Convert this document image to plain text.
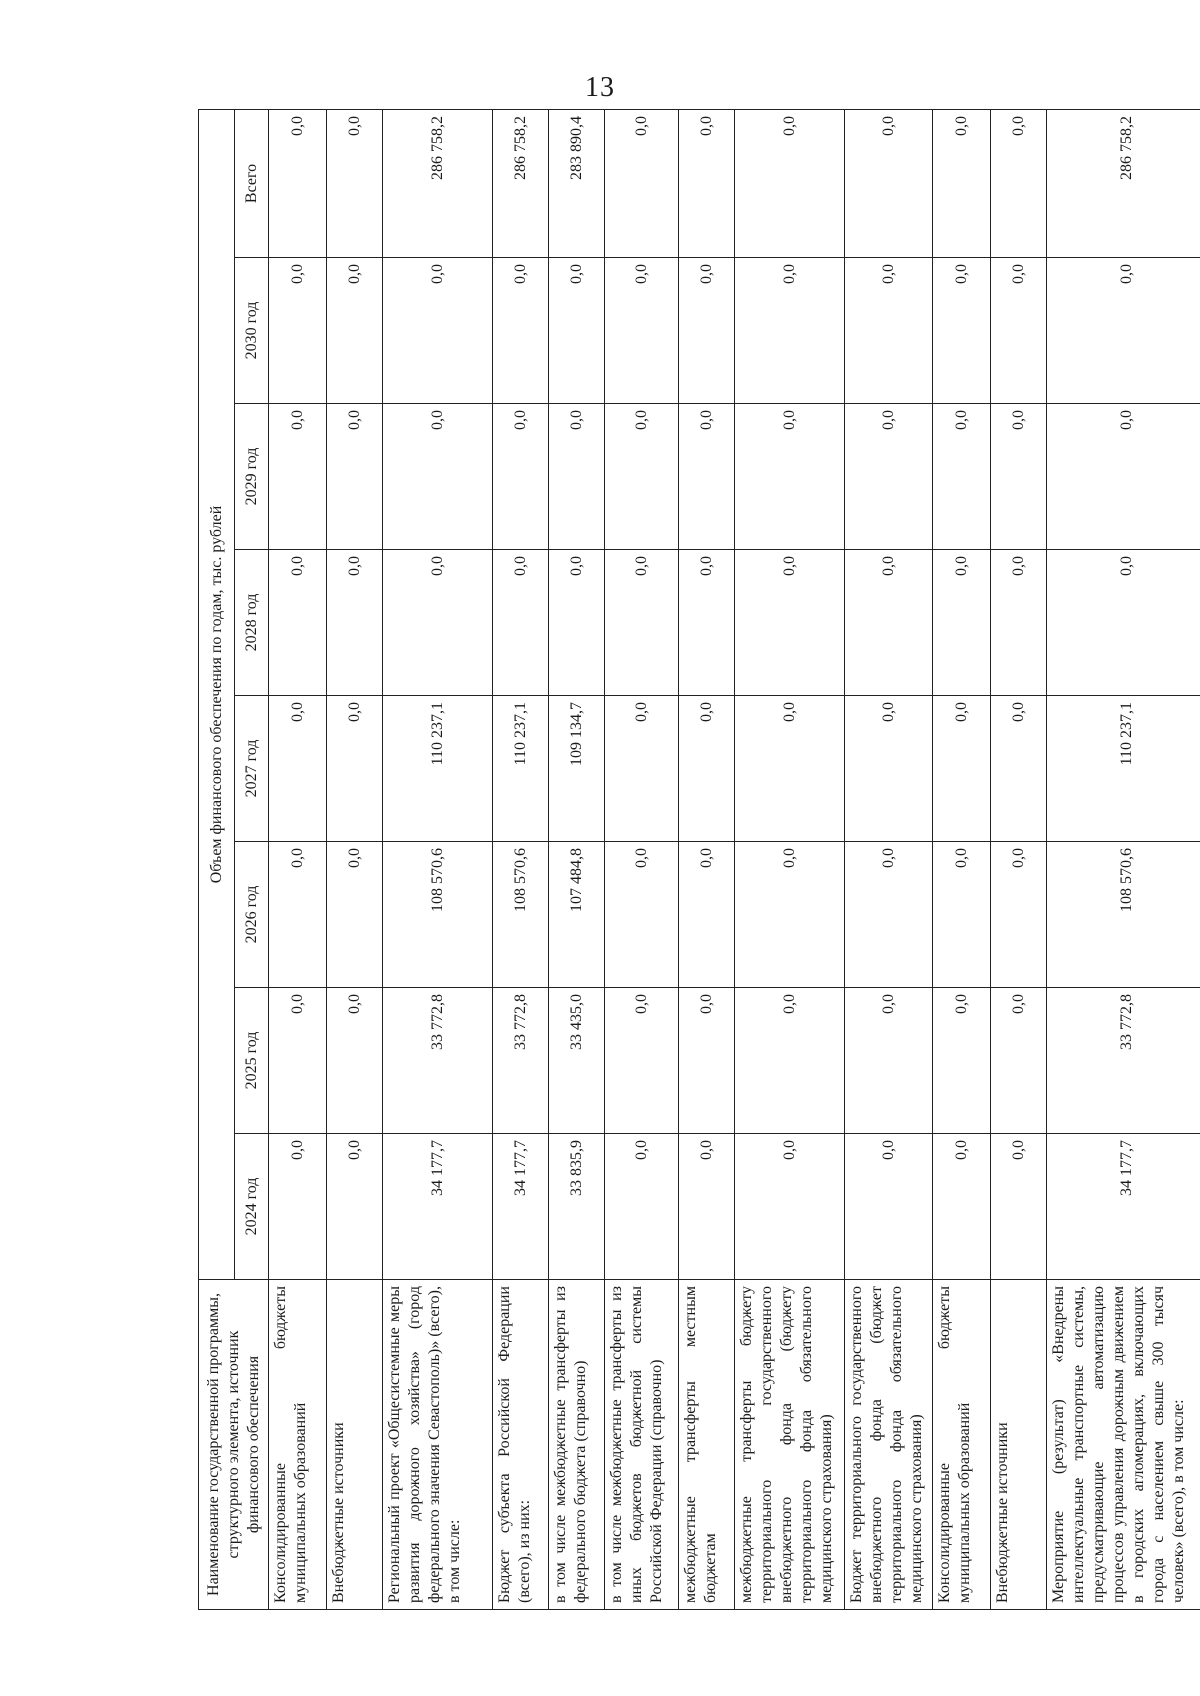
13
Наименование государственной программы, структурного элемента, источник финансового обеспечения	Объем финансового обеспечения по годам, тыс. рублей							
	2024 год	2025 год	2026 год	2027 год	2028 год	2029 год	2030 год	Всего
Консолидированные бюджеты муниципальных образований	0,0	0,0	0,0	0,0	0,0	0,0	0,0	0,0
Внебюджетные источники	0,0	0,0	0,0	0,0	0,0	0,0	0,0	0,0
Региональный проект «Общесистемные меры развития дорожного хозяйства» (город федерального значения Севастополь)» (всего), в том числе:	34 177,7	33 772,8	108 570,6	110 237,1	0,0	0,0	0,0	286 758,2
Бюджет субъекта Российской Федерации (всего), из них:	34 177,7	33 772,8	108 570,6	110 237,1	0,0	0,0	0,0	286 758,2
в том числе межбюджетные трансферты из федерального бюджета (справочно)	33 835,9	33 435,0	107 484,8	109 134,7	0,0	0,0	0,0	283 890,4
в том числе межбюджетные трансферты из иных бюджетов бюджетной системы Российской Федерации (справочно)	0,0	0,0	0,0	0,0	0,0	0,0	0,0	0,0
межбюджетные трансферты местным бюджетам	0,0	0,0	0,0	0,0	0,0	0,0	0,0	0,0
межбюджетные трансферты бюджету территориального государственного внебюджетного фонда (бюджету территориального фонда обязательного медицинского страхования)	0,0	0,0	0,0	0,0	0,0	0,0	0,0	0,0
Бюджет территориального государственного внебюджетного фонда (бюджет территориального фонда обязательного медицинского страхования)	0,0	0,0	0,0	0,0	0,0	0,0	0,0	0,0
Консолидированные бюджеты муниципальных образований	0,0	0,0	0,0	0,0	0,0	0,0	0,0	0,0
Внебюджетные источники	0,0	0,0	0,0	0,0	0,0	0,0	0,0	0,0
Мероприятие (результат) «Внедрены интеллектуальные транспортные системы, предусматривающие автоматизацию процессов управления дорожным движением в городских агломерациях, включающих города с населением свыше 300 тысяч человек» (всего), в том числе:	34 177,7	33 772,8	108 570,6	110 237,1	0,0	0,0	0,0	286 758,2
